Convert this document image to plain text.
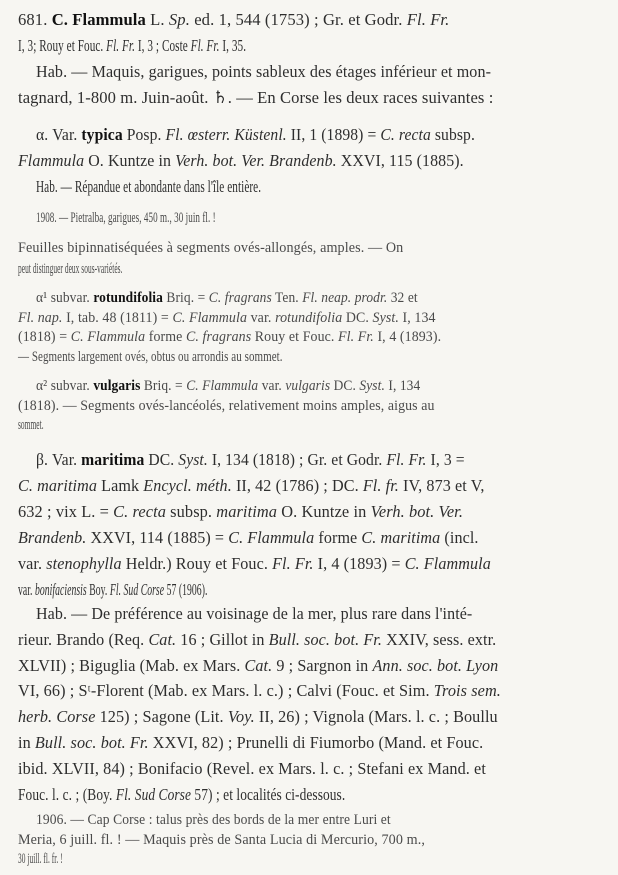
681. C. Flammula L. Sp. ed. 1, 544 (1753) ; Gr. et Godr. Fl. Fr.
I, 3; Rouy et Fouc. Fl. Fr. I, 3 ; Coste Fl. Fr. I, 35.
Hab. — Maquis, garigues, points sableux des étages inférieur et mon-
tagnard, 1-800 m. Juin-août. ♄. — En Corse les deux races suivantes :
α. Var. typica Posp. Fl. œsterr. Küstenl. II, 1 (1898) = C. recta subsp.
Flammula O. Kuntze in Verh. bot. Ver. Brandenb. XXVI, 115 (1885).
Hab. — Répandue et abondante dans l'île entière.
1908. — Pietralba, garigues, 450 m., 30 juin fl. !
Feuilles bipinnatiséquées à segments ovés-allongés, amples. — On
peut distinguer deux sous-variétés.
α¹ subvar. rotundifolia Briq. = C. fragrans Ten. Fl. neap. prodr. 32 et
Fl. nap. I, tab. 48 (1811) = C. Flammula var. rotundifolia DC. Syst. I, 134
(1818) = C. Flammula forme C. fragrans Rouy et Fouc. Fl. Fr. I, 4 (1893).
— Segments largement ovés, obtus ou arrondis au sommet.
α² subvar. vulgaris Briq. = C. Flammula var. vulgaris DC. Syst. I, 134
(1818). — Segments ovés-lancéolés, relativement moins amples, aigus au
sommet.
β. Var. maritima DC. Syst. I, 134 (1818) ; Gr. et Godr. Fl. Fr. I, 3 =
C. maritima Lamk Encycl. méth. II, 42 (1786) ; DC. Fl. fr. IV, 873 et V,
632 ; vix L. = C. recta subsp. maritima O. Kuntze in Verh. bot. Ver.
Brandenb. XXVI, 114 (1885) = C. Flammula forme C. maritima (incl.
var. stenophylla Heldr.) Rouy et Fouc. Fl. Fr. I, 4 (1893) = C. Flammula
var. bonifaciensis Boy. Fl. Sud Corse 57 (1906).
Hab. — De préférence au voisinage de la mer, plus rare dans l'inté-
rieur. Brando (Req. Cat. 16 ; Gillot in Bull. soc. bot. Fr. XXIV, sess. extr.
XLVII) ; Biguglia (Mab. ex Mars. Cat. 9 ; Sargnon in Ann. soc. bot. Lyon
VI, 66) ; Sᵗ-Florent (Mab. ex Mars. l. c.) ; Calvi (Fouc. et Sim. Trois sem.
herb. Corse 125) ; Sagone (Lit. Voy. II, 26) ; Vignola (Mars. l. c. ; Boullu
in Bull. soc. bot. Fr. XXVI, 82) ; Prunelli di Fiumorbo (Mand. et Fouc.
ibid. XLVII, 84) ; Bonifacio (Revel. ex Mars. l. c. ; Stefani ex Mand. et
Fouc. l. c. ; (Boy. Fl. Sud Corse 57) ; et localités ci-dessous.
1906. — Cap Corse : talus près des bords de la mer entre Luri et
Meria, 6 juill. fl. ! — Maquis près de Santa Lucia di Mercurio, 700 m.,
30 juill. fl. fr. !
